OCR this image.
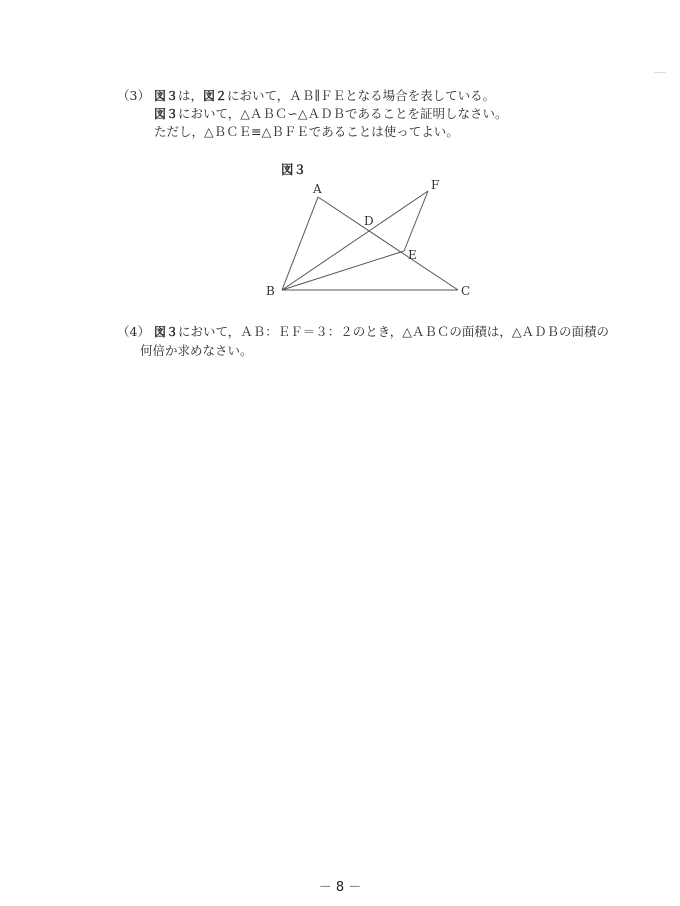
（3） 図３は，図２において，ＡＢ∥ＦＥとなる場合を表している。
図３において，△ＡＢＣ∽△ＡＤＢであることを証明しなさい。
ただし，△ＢＣＥ≡△ＢＦＥであることは使ってよい。
図３
A
B	C
D
E
F
（4） 図３において，ＡＢ：ＥＦ＝３：２のとき，△ＡＢＣの面積は，△ＡＤＢの面積の
何倍か求めなさい。
－ 8 －
